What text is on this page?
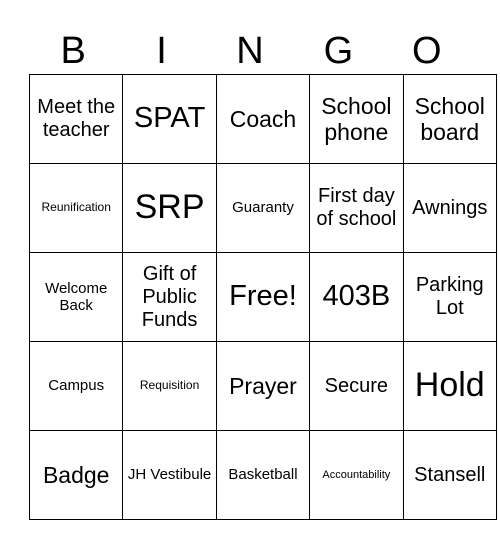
B	I	N	G	O
Meet the teacher	SPAT	Coach	School phone	School board
Reunification	SRP	Guaranty	First day of school	Awnings
Welcome Back	Gift of Public Funds	Free!	403B	Parking Lot
Campus	Requisition	Prayer	Secure	Hold
Badge	JH Vestibule	Basketball	Accountability	Stansell
